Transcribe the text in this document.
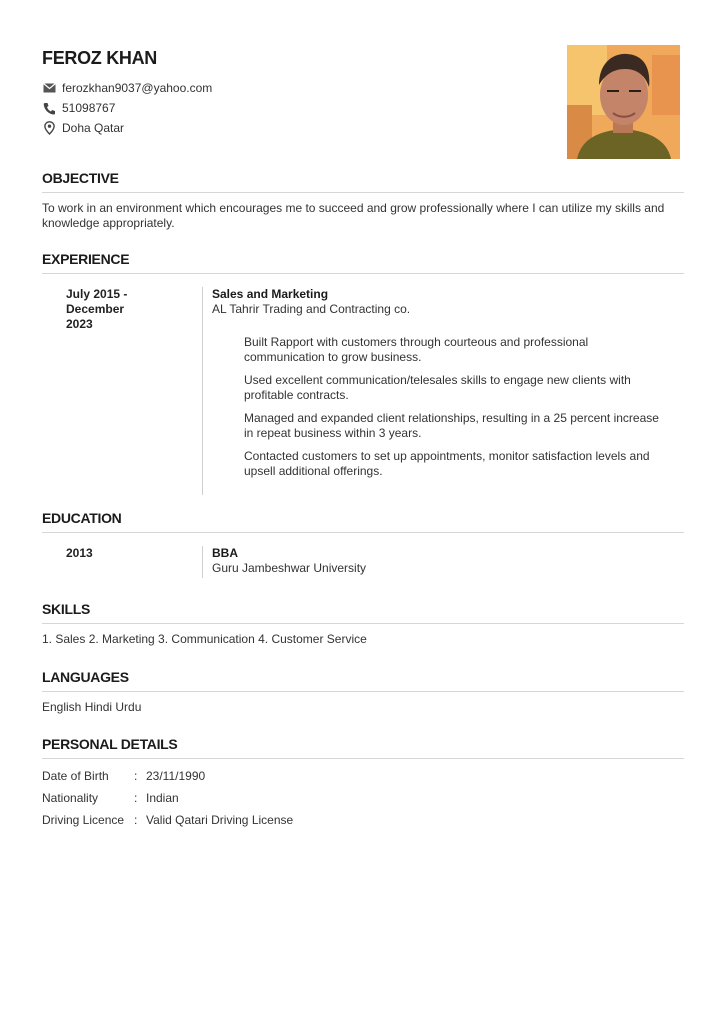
FEROZ KHAN
ferozkhan9037@yahoo.com
51098767
Doha Qatar
OBJECTIVE
To work in an environment which encourages me to succeed and grow professionally where I can utilize my skills and knowledge appropriately.
EXPERIENCE
July 2015 - December 2023
Sales and Marketing
AL Tahrir Trading and Contracting co.
Built Rapport with customers through courteous and professional communication to grow business.
Used excellent communication/telesales skills to engage new clients with profitable contracts.
Managed and expanded client relationships, resulting in a 25 percent increase in repeat business within 3 years.
Contacted customers to set up appointments, monitor satisfaction levels and upsell additional offerings.
EDUCATION
2013	BBA
Guru Jambeshwar University
SKILLS
1. Sales 2. Marketing 3. Communication 4. Customer Service
LANGUAGES
English Hindi Urdu
PERSONAL DETAILS
Date of Birth	: 23/11/1990
Nationality	: Indian
Driving Licence : Valid Qatari Driving License
